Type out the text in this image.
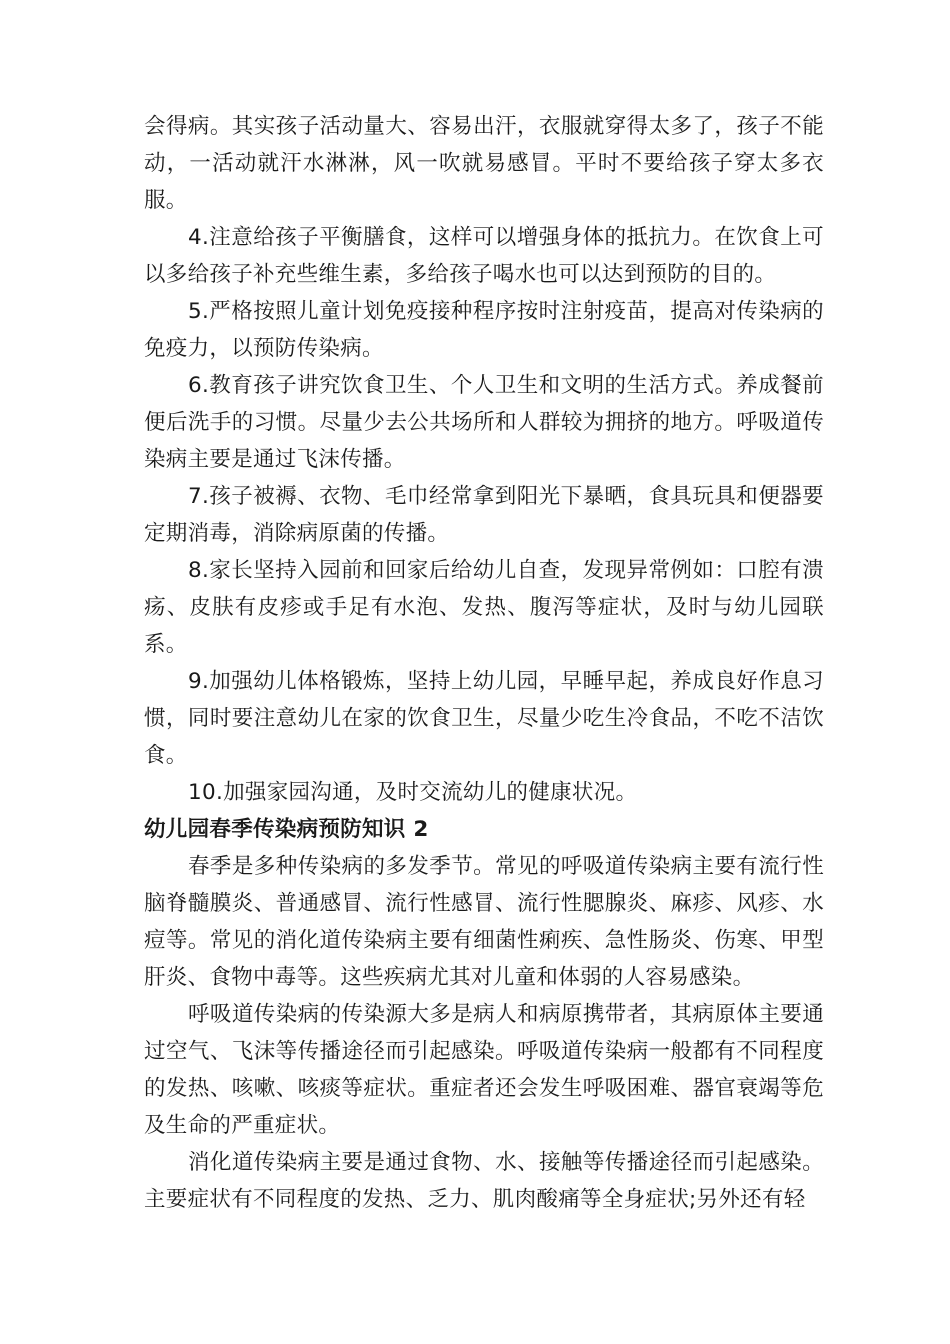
会得病。其实孩子活动量大、容易出汗，衣服就穿得太多了，孩子不能动，一活动就汗水淋淋，风一吹就易感冒。平时不要给孩子穿太多衣服。

4.注意给孩子平衡膳食，这样可以增强身体的抵抗力。在饮食上可以多给孩子补充些维生素，多给孩子喝水也可以达到预防的目的。

5.严格按照儿童计划免疫接种程序按时注射疫苗，提高对传染病的免疫力，以预防传染病。

6.教育孩子讲究饮食卫生、个人卫生和文明的生活方式。养成餐前便后洗手的习惯。尽量少去公共场所和人群较为拥挤的地方。呼吸道传染病主要是通过飞沫传播。

7.孩子被褥、衣物、毛巾经常拿到阳光下暴晒，食具玩具和便器要定期消毒，消除病原菌的传播。

8.家长坚持入园前和回家后给幼儿自查，发现异常例如：口腔有溃疡、皮肤有皮疹或手足有水泡、发热、腹泻等症状，及时与幼儿园联系。

9.加强幼儿体格锻炼，坚持上幼儿园，早睡早起，养成良好作息习惯，同时要注意幼儿在家的饮食卫生，尽量少吃生冷食品，不吃不洁饮食。

10.加强家园沟通，及时交流幼儿的健康状况。

幼儿园春季传染病预防知识 2

春季是多种传染病的多发季节。常见的呼吸道传染病主要有流行性脑脊髓膜炎、普通感冒、流行性感冒、流行性腮腺炎、麻疹、风疹、水痘等。常见的消化道传染病主要有细菌性痢疾、急性肠炎、伤寒、甲型肝炎、食物中毒等。这些疾病尤其对儿童和体弱的人容易感染。

呼吸道传染病的传染源大多是病人和病原携带者，其病原体主要通过空气、飞沫等传播途径而引起感染。呼吸道传染病一般都有不同程度的发热、咳嗽、咳痰等症状。重症者还会发生呼吸困难、器官衰竭等危及生命的严重症状。

消化道传染病主要是通过食物、水、接触等传播途径而引起感染。主要症状有不同程度的发热、乏力、肌肉酸痛等全身症状;另外还有轻
